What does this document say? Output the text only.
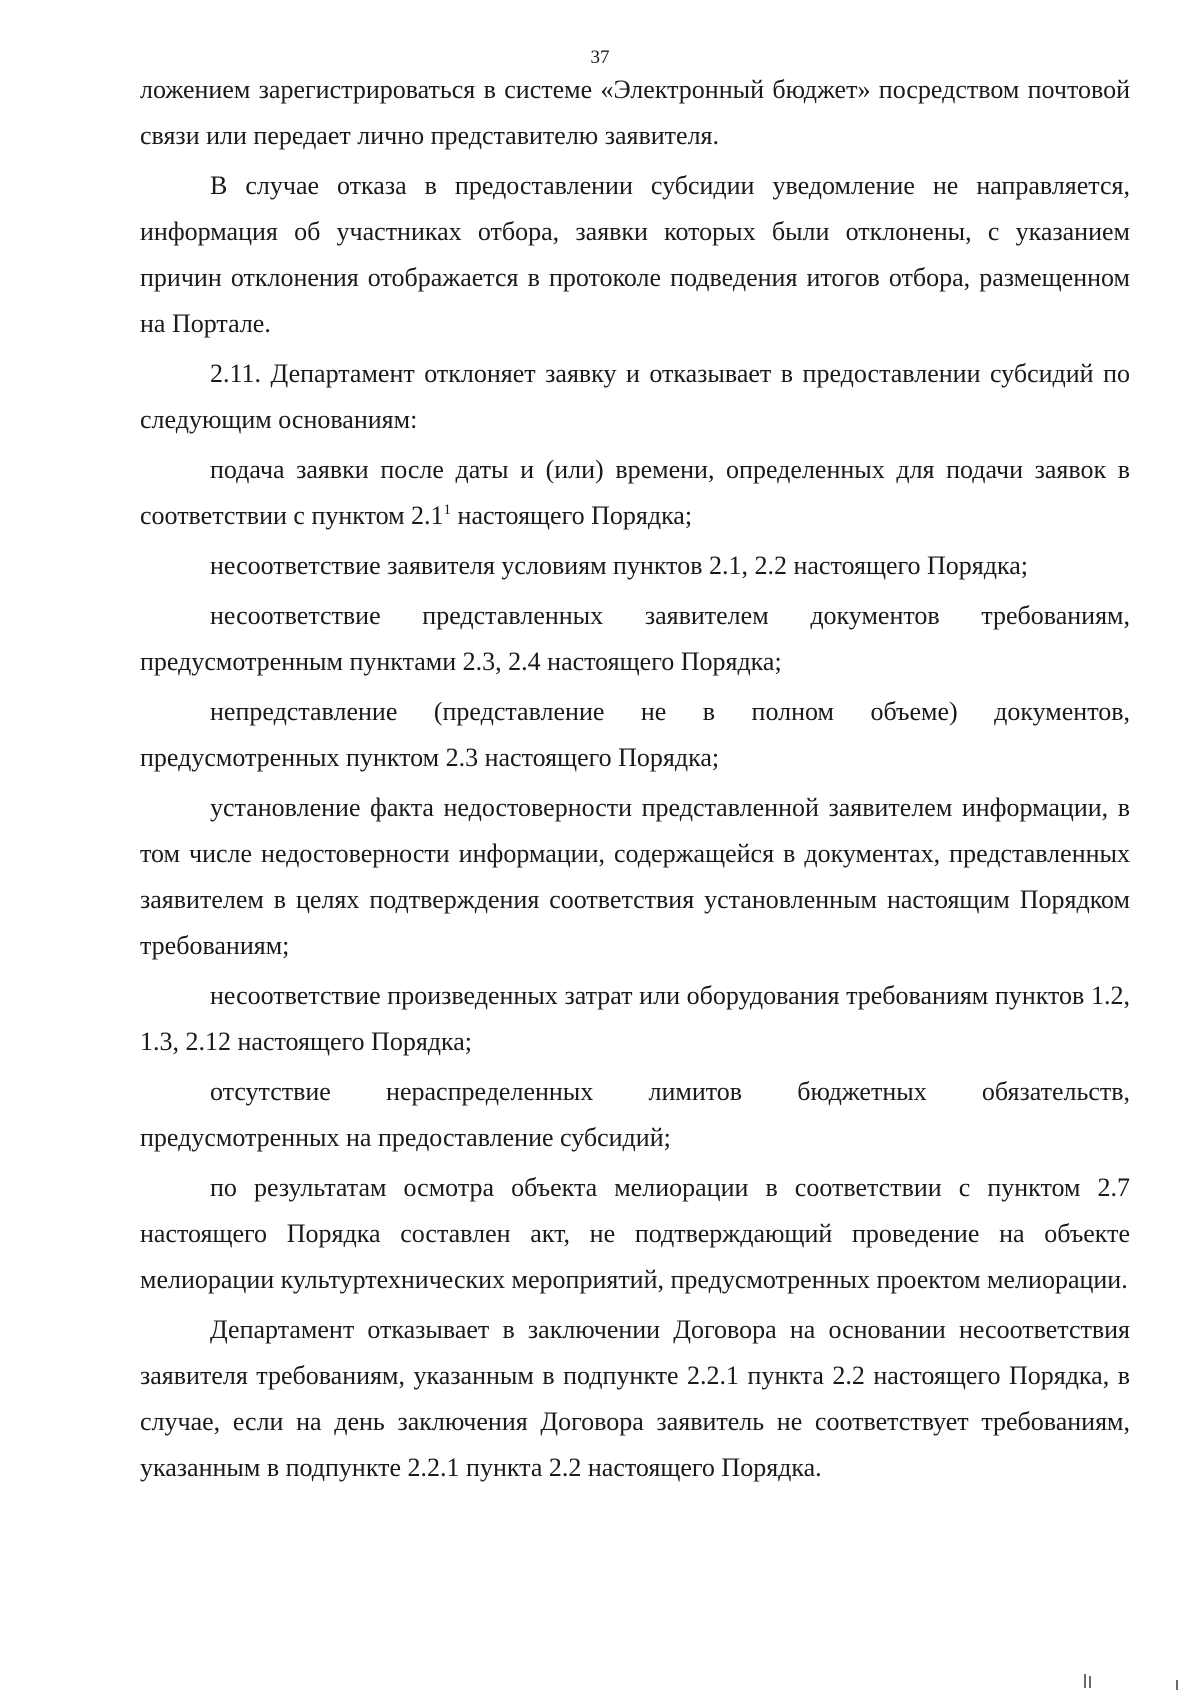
37

ложением зарегистрироваться в системе «Электронный бюджет» посредством почтовой связи или передает лично представителю заявителя.

В случае отказа в предоставлении субсидии уведомление не направляется, информация об участниках отбора, заявки которых были отклонены, с указанием причин отклонения отображается в протоколе подведения итогов отбора, размещенном на Портале.

2.11. Департамент отклоняет заявку и отказывает в предоставлении субсидий по следующим основаниям:

подача заявки после даты и (или) времени, определенных для подачи заявок в соответствии с пунктом $2.1^1$ настоящего Порядка;

несоответствие заявителя условиям пунктов 2.1, 2.2 настоящего Порядка;

несоответствие представленных заявителем документов требованиям, предусмотренным пунктами 2.3, 2.4 настоящего Порядка;

непредставление (представление не в полном объеме) документов, предусмотренных пунктом 2.3 настоящего Порядка;

установление факта недостоверности представленной заявителем информации, в том числе недостоверности информации, содержащейся в документах, представленных заявителем в целях подтверждения соответствия установленным настоящим Порядком требованиям;

несоответствие произведенных затрат или оборудования требованиям пунктов 1.2, 1.3, 2.12 настоящего Порядка;

отсутствие нераспределенных лимитов бюджетных обязательств, предусмотренных на предоставление субсидий;

по результатам осмотра объекта мелиорации в соответствии с пунктом 2.7 настоящего Порядка составлен акт, не подтверждающий проведение на объекте мелиорации культуртехнических мероприятий, предусмотренных проектом мелиорации.

Департамент отказывает в заключении Договора на основании несоответствия заявителя требованиям, указанным в подпункте 2.2.1 пункта 2.2 настоящего Порядка, в случае, если на день заключения Договора заявитель не соответствует требованиям, указанным в подпункте 2.2.1 пункта 2.2 настоящего Порядка.
